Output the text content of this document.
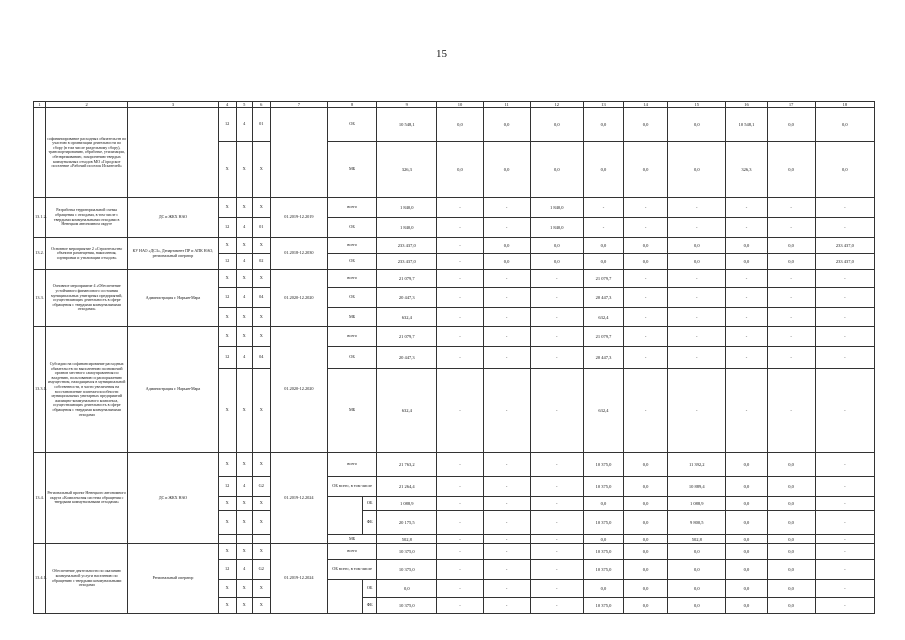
15
1	2	3	4	5	6	7	8		9	10	11	12	13	14	15	16	17	18
	софинансирование расходных обязательств по участию в организации деятельности по сбору (в том числе раздельному сбору), транспортированию, обработке, утилизации, обезвреживанию, захоронению твердых коммунальных отходов МО «Городское поселение «Рабочий поселок Искателей»		12	4	01		ОБ		10 548,1	0,0	0,0	0,0	0,0	0,0	0,0	10 548,1	0,0	0,0
			Х	Х	Х		МБ		326,3	0,0	0,0	0,0	0,0	0,0	0,0	326,3	0,0	0,0
13.1.2.	Разработка территориальной схемы обращения с отходами, в том числе с твердыми коммунальными отходами в Ненецком автономном округе	ДС и ЖКХ НАО	Х	Х	Х	01.2019-12.2019	всего		1 840,0	-	-	1 840,0	-	-	-	-	-	-
			12	4	01		ОБ		1 840,0	-	-	1 840,0	-	-	-	-	-	-
13.2.	Основное мероприятие 2 «Строительство объектов размещения, накопления, сортировки и утилизации отходов»	КУ НАО «ДСЗ», Департамент ПР и АПК НАО, региональный оператор	Х	Х	Х	01.2018-12.2030	всего		233 437,0	-	0,0	0,0	0,0	0,0	0,0	0,0	0,0	233 437,0
			12	4	02		ОБ		233 437,0	-	0,0	0,0	0,0	0,0	0,0	0,0	0,0	233 437,0
13.3.	Основное мероприятие 4 «Обеспечение устойчивого финансового состояния муниципальных унитарных предприятий, осуществляющих деятельность в сфере обращения с твердыми коммунальными отходами»	Администрация г. Нарьян-Мара	Х	Х	Х	01.2020-12.2020	всего		21 079,7	-	-	-	21 079,7	-	-	-	-	-
			12	4	04		ОБ		20 447,3	-	-	-	20 447,3	-	-	-	-	-
			Х	Х	Х		МБ		632,4	-	-	-	632,4	-	-	-	-	-
13.3.1.	Субсидии на софинансирование расходных обязательств по выполнению полномочий органов местного самоуправления по владению, пользованию и распоряжению имуществом, находящимся в муниципальной собственности, в части увеличения на восстановление платежеспособности муниципальных унитарных предприятий жилищно-коммунального комплекса, осуществляющих деятельность в сфере обращения с твердыми коммунальными отходами	Администрация г. Нарьян-Мара	Х	Х	Х	01.2020-12.2020	всего		21 079,7	-	-	-	21 079,7	-	-	-	-	-
			12	4	04		ОБ		20 447,3	-	-	-	20 447,3	-	-	-	-	-
			Х	Х	Х		МБ		632,4	-	-	-	632,4	-	-	-	-	-
13.4.	Региональный проект Ненецкого автономного округа «Комплексная система обращения с твердыми коммунальными отходами»	ДС и ЖКХ НАО	Х	Х	Х	01.2019-12.2024	всего		21 763,2	-	-	-	10 375,0	0,0	11 392,2	0,0	0,0	-
			12	4	G2		ОБ всего, в том числе		21 264,4	-	-	-	10 375,0	0,0	10 889,4	0,0	0,0	-
			Х	Х	Х			ОБ	1 088,9	-	-	-	0,0	0,0	1 088,9	0,0	0,0	-
			Х	Х	Х			ФБ	20 175,5	-	-	-	10 375,0	0,0	9 800,5	0,0	0,0	-
							МБ		502,8	-	-	-	0,0	0,0	502,8	0,0	0,0	-
13.4.1.	Обеспечение деятельности по оказанию коммунальной услуги населению по обращению с твердыми коммунальными отходами	Региональный оператор	Х	Х	Х	01.2019-12.2024	всего		10 375,0	-	-	-	10 375,0	0,0	0,0	0,0	0,0	-
			12	4	G2		ОБ всего, в том числе		10 375,0	-	-	-	10 375,0	0,0	0,0	0,0	0,0	-
			Х	Х	Х			ОБ	0,0	-	-	-	0,0	0,0	0,0	0,0	0,0	-
			Х	Х	Х			ФБ	10 375,0	-	-	-	10 375,0	0,0	0,0	0,0	0,0	-
